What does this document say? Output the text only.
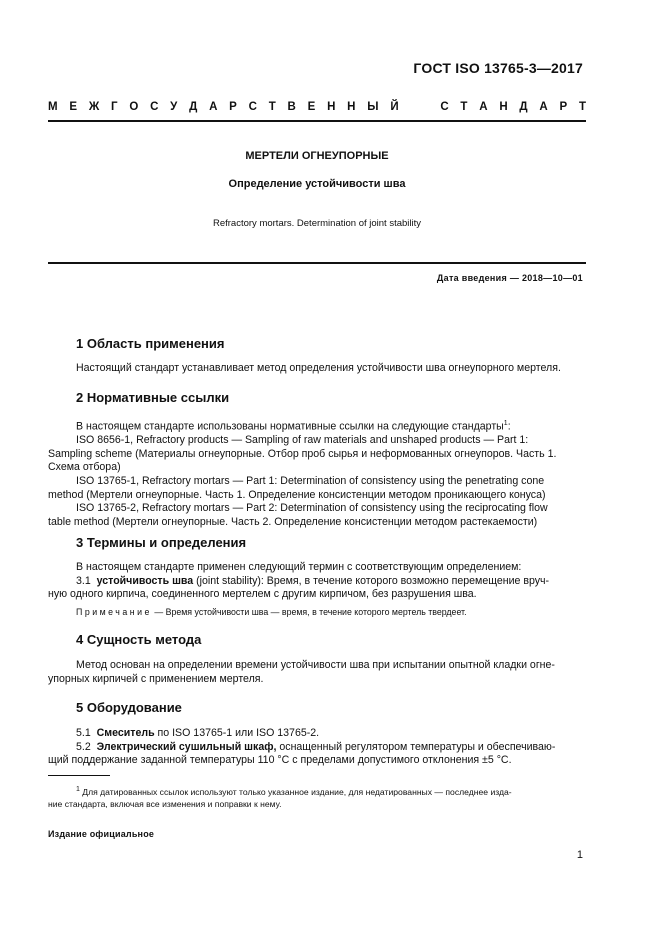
ГОСТ ISO 13765-3—2017
М Е Ж Г О С У Д А Р С Т В Е Н Н Ы Й

	С Т А Н Д А Р Т
МЕРТЕЛИ ОГНЕУПОРНЫЕ
Определение устойчивости шва
Refractory mortars. Determination of joint stability
Дата введения — 2018—10—01
1 Область применения
Настоящий стандарт устанавливает метод определения устойчивости шва огнеупорного мертеля.
2 Нормативные ссылки
В настоящем стандарте использованы нормативные ссылки на следующие стандарты$^1$:
ISO 8656-1, Refractory products — Sampling of raw materials and unshaped products — Part 1:
Sampling scheme (Материалы огнеупорные. Отбор проб сырья и неформованных огнеупоров. Часть 1.
Схема отбора)
ISO 13765-1, Refractory mortars — Part 1: Determination of consistency using the penetrating cone
method (Мертели огнеупорные. Часть 1. Определение консистенции методом проникающего конуса)
ISO 13765-2, Refractory mortars — Part 2: Determination of consistency using the reciprocating flow
table method (Мертели огнеупорные. Часть 2. Определение консистенции методом растекаемости)
3 Термины и определения
В настоящем стандарте применен следующий термин с соответствующим определением:
3.1 устойчивость шва (joint stability): Время, в течение которого возможно перемещение вруч-
ную одного кирпича, соединенного мертелем с другим кирпичом, без разрушения шва.
Примечание — Время устойчивости шва — время, в течение которого мертель твердеет.
4 Сущность метода
Метод основан на определении времени устойчивости шва при испытании опытной кладки огне-
упорных кирпичей с применением мертеля.
5 Оборудование
5.1 Смеситель по ISO 13765-1 или ISO 13765-2.
5.2 Электрический сушильный шкаф, оснащенный регулятором температуры и обеспечиваю-
щий поддержание заданной температуры 110 °С с пределами допустимого отклонения ±5 °С.
$^1$ Для датированных ссылок используют только указанное издание, для недатированных — последнее изда-
ние стандарта, включая все изменения и поправки к нему.
Издание официальное
1
